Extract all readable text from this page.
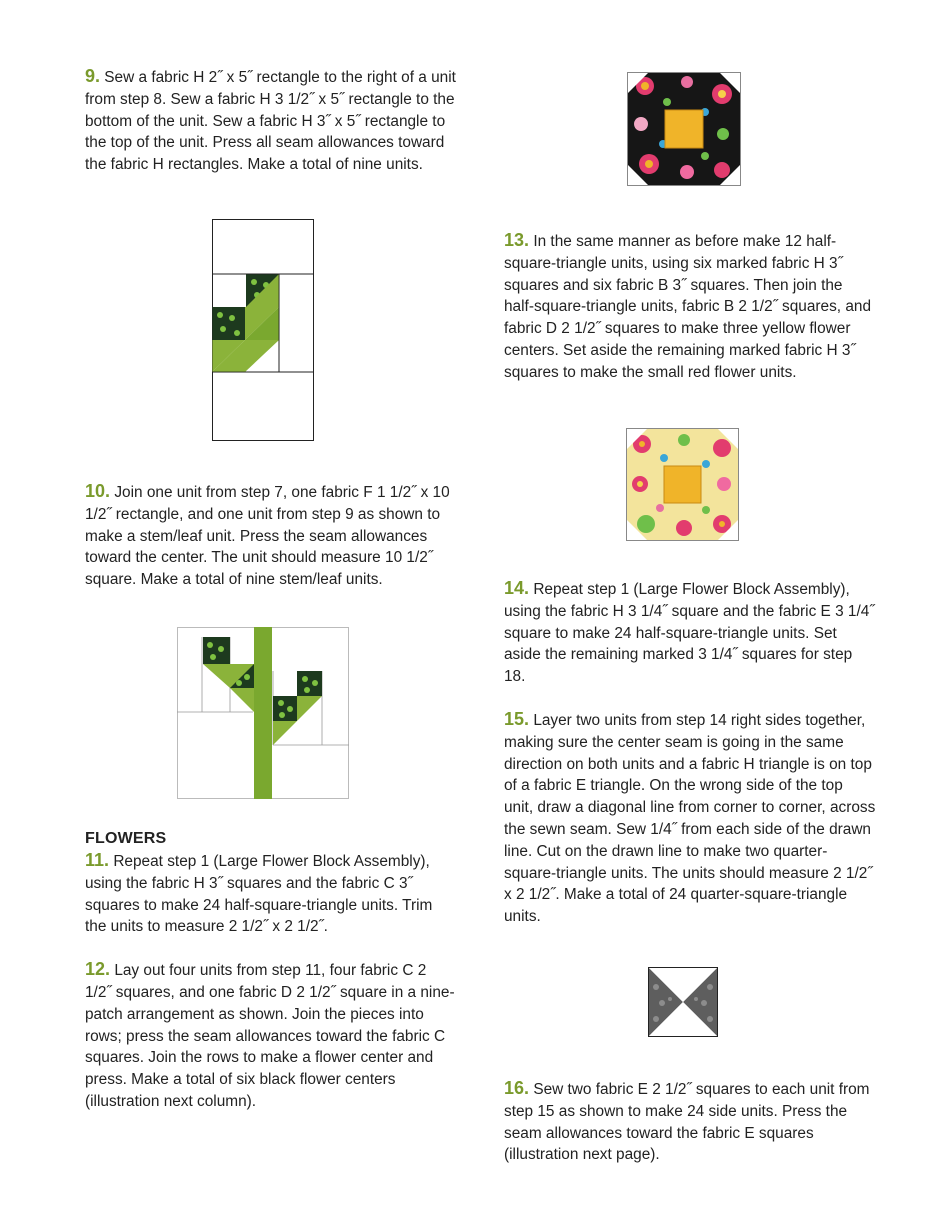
9. Sew a fabric H 2˝ x 5˝ rectangle to the right of a unit from step 8. Sew a fabric H 3 1/2˝ x 5˝ rectangle to the bottom of the unit. Sew a fabric H 3˝ x 5˝ rectangle to the top of the unit. Press all seam allowances toward the fabric H rectangles. Make a total of nine units.

10. Join one unit from step 7, one fabric F 1 1/2˝ x 10 1/2˝ rectangle, and one unit from step 9 as shown to make a stem/leaf unit. Press the seam allowances toward the center. The unit should measure 10 1/2˝ square. Make a total of nine stem/leaf units.

FLOWERS

11. Repeat step 1 (Large Flower Block Assembly), using the fabric H 3˝ squares and the fabric C 3˝ squares to make 24 half-square-triangle units. Trim the units to measure 2 1/2˝ x 2 1/2˝.

12. Lay out four units from step 11, four fabric C 2 1/2˝ squares, and one fabric D 2 1/2˝ square in a nine-patch arrangement as shown. Join the pieces into rows; press the seam allowances toward the fabric C squares. Join the rows to make a flower center and press. Make a total of six black flower centers (illustration next column).

13. In the same manner as before make 12 half-square-triangle units, using six marked fabric H 3˝ squares and six fabric B 3˝ squares. Then join the half-square-triangle units, fabric B 2 1/2˝ squares, and fabric D 2 1/2˝ squares to make three yellow flower centers. Set aside the remaining marked fabric H 3˝ squares to make the small red flower units.

14. Repeat step 1 (Large Flower Block Assembly), using the fabric H 3 1/4˝ square and the fabric E 3 1/4˝ square to make 24 half-square-triangle units. Set aside the remaining marked 3 1/4˝ squares for step 18.

15. Layer two units from step 14 right sides together, making sure the center seam is going in the same direction on both units and a fabric H triangle is on top of a fabric E triangle. On the wrong side of the top unit, draw a diagonal line from corner to corner, across the sewn seam. Sew 1/4˝ from each side of the drawn line. Cut on the drawn line to make two quarter-square-triangle units. The units should measure 2 1/2˝ x 2 1/2˝. Make a total of 24 quarter-square-triangle units.

16. Sew two fabric E 2 1/2˝ squares to each unit from step 15 as shown to make 24 side units. Press the seam allowances toward the fabric E squares (illustration next page).
